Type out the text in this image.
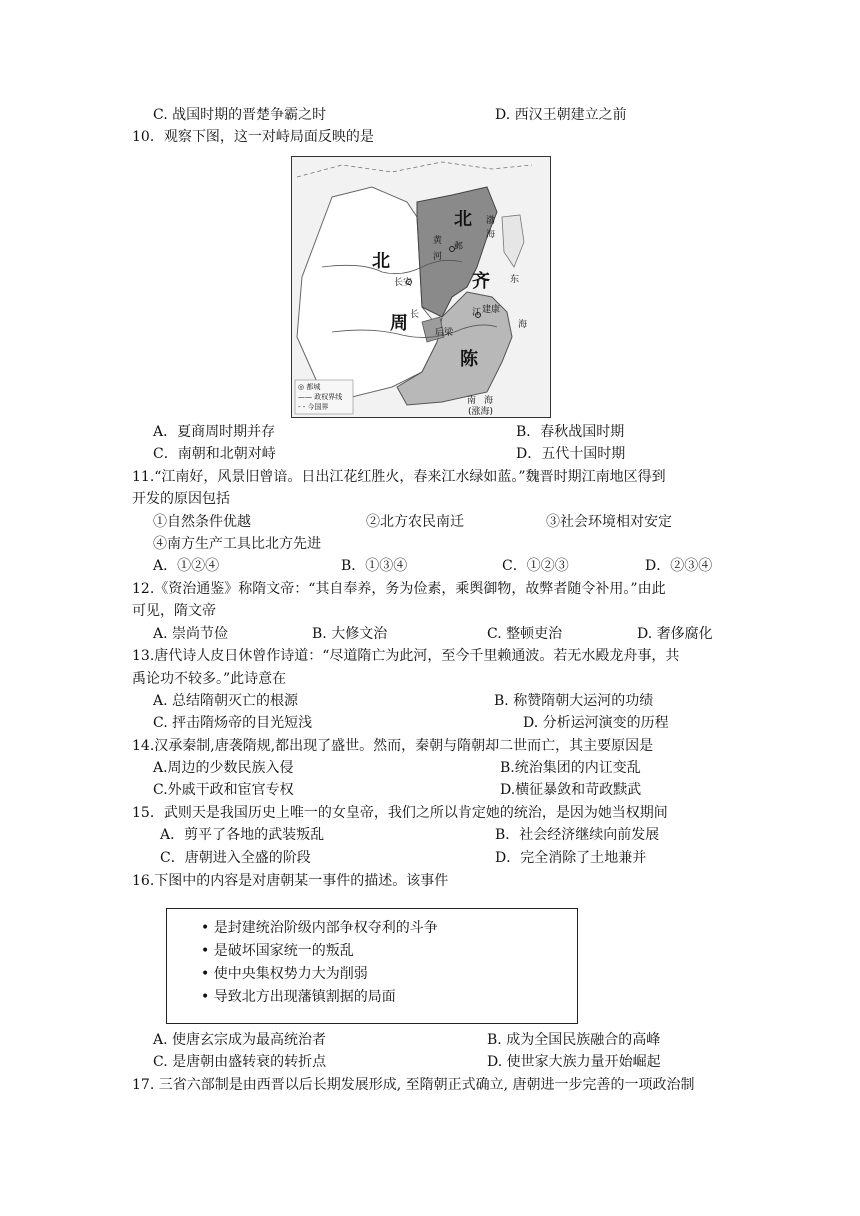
C. 战国时期的晋楚争霸之时	D. 西汉王朝建立之前
10．观察下图，这一对峙局面反映的是
北
齐
北
周
陈
渤
海
黄
河
邺
长安
长	江 建康
后梁
东
海
南 海
(涨海)
◎ 都城
—— 政权界线
- - 今国界
A．夏商周时期并存	B．春秋战国时期
C．南朝和北朝对峙	D．五代十国时期
11.“江南好，风景旧曾谙。日出江花红胜火，春来江水绿如蓝。”魏晋时期江南地区得到
开发的原因包括
①自然条件优越	②北方农民南迁	③社会环境相对安定
④南方生产工具比北方先进
A．①②④	B．①③④	C．①②③	D．②③④
12.《资治通鉴》称隋文帝：“其自奉养，务为俭素，乘舆御物，故弊者随令补用。”由此
可见，隋文帝
A. 崇尚节俭	B. 大修文治	C. 整顿吏治	D. 奢侈腐化
13.唐代诗人皮日休曾作诗道：“尽道隋亡为此河，至今千里赖通波。若无水殿龙舟事，共
禹论功不较多。”此诗意在
A. 总结隋朝灭亡的根源	B. 称赞隋朝大运河的功绩
C. 抨击隋炀帝的目光短浅	D. 分析运河演变的历程
14.汉承秦制,唐袭隋规,都出现了盛世。然而，秦朝与隋朝却二世而亡，其主要原因是
A.周边的少数民族入侵	B.统治集团的内讧变乱
C.外戚干政和宦官专权	D.横征暴敛和苛政黩武
15．武则天是我国历史上唯一的女皇帝，我们之所以肯定她的统治，是因为她当权期间
A．剪平了各地的武装叛乱	B．社会经济继续向前发展
C．唐朝进入全盛的阶段	D．完全消除了土地兼并
16.下图中的内容是对唐朝某一事件的描述。该事件
• 是封建统治阶级内部争权夺利的斗争
• 是破坏国家统一的叛乱
• 使中央集权势力大为削弱
• 导致北方出现藩镇割据的局面
A. 使唐玄宗成为最高统治者	B. 成为全国民族融合的高峰
C. 是唐朝由盛转衰的转折点	D. 使世家大族力量开始崛起
17. 三省六部制是由西晋以后长期发展形成, 至隋朝正式确立, 唐朝进一步完善的一项政治制
